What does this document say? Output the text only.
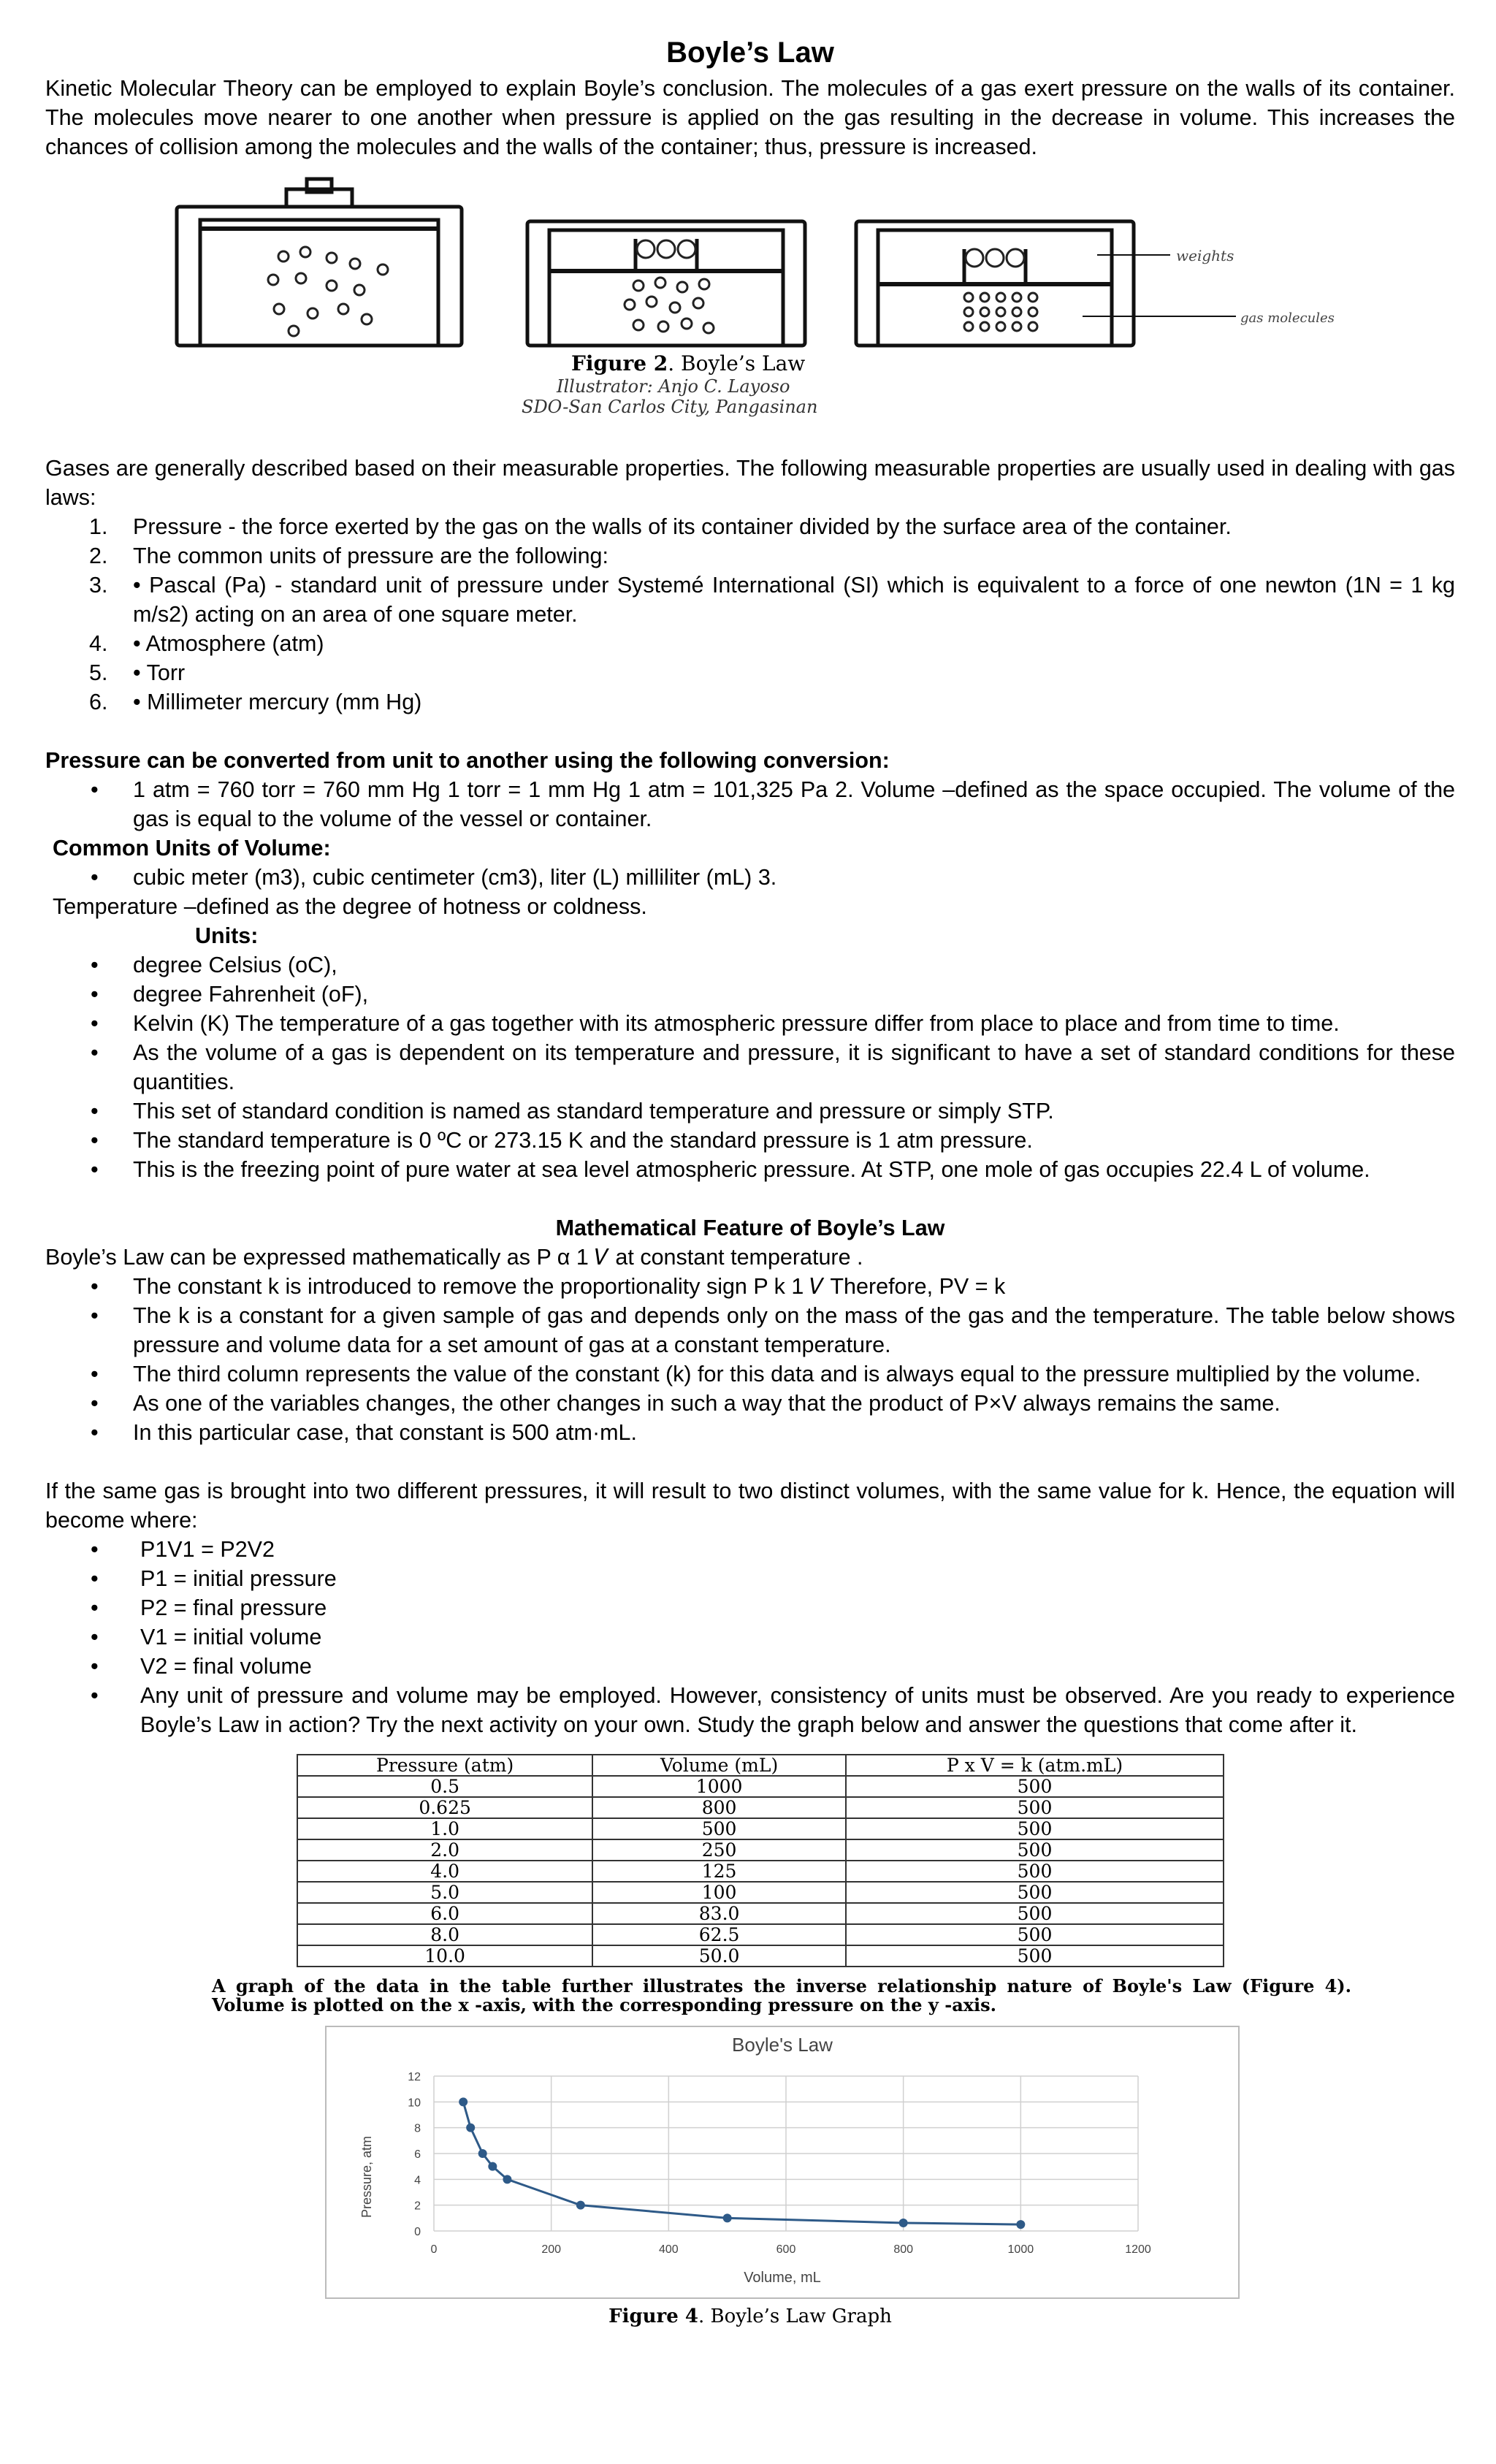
Boyle’s Law

Kinetic Molecular Theory can be employed to explain Boyle’s conclusion. The molecules of a gas exert pressure on the walls of its container. The molecules move nearer to one another when pressure is applied on the gas resulting in the decrease in volume. This increases the chances of collision among the molecules and the walls of the container; thus, pressure is increased.

weights
gas molecules
Figure 2. Boyle’s Law
Illustrator: Anjo C. Layoso
SDO-San Carlos City, Pangasinan

Gases are generally described based on their measurable properties. The following measurable properties are usually used in dealing with gas laws:

1. Pressure - the force exerted by the gas on the walls of its container divided by the surface area of the container.
2. The common units of pressure are the following:
3. • Pascal (Pa) - standard unit of pressure under Systemé International (SI) which is equivalent to a force of one newton (1N = 1 kg m/s2) acting on an area of one square meter.
4. • Atmosphere (atm)
5. • Torr
6. • Millimeter mercury (mm Hg)

Pressure can be converted from unit to another using the following conversion:

• 1 atm = 760 torr = 760 mm Hg 1 torr = 1 mm Hg 1 atm = 101,325 Pa 2. Volume –defined as the space occupied. The volume of the gas is equal to the volume of the vessel or container.

Common Units of Volume:

• cubic meter (m3), cubic centimeter (cm3), liter (L) milliliter (mL) 3.

Temperature –defined as the degree of hotness or coldness.

Units:

• degree Celsius (oC),
• degree Fahrenheit (oF),
• Kelvin (K) The temperature of a gas together with its atmospheric pressure differ from place to place and from time to time.
• As the volume of a gas is dependent on its temperature and pressure, it is significant to have a set of standard conditions for these quantities.
• This set of standard condition is named as standard temperature and pressure or simply STP.
• The standard temperature is 0 ºC or 273.15 K and the standard pressure is 1 atm pressure.
• This is the freezing point of pure water at sea level atmospheric pressure. At STP, one mole of gas occupies 22.4 L of volume.

Mathematical Feature of Boyle’s Law

Boyle’s Law can be expressed mathematically as P α 1 𝑉 at constant temperature .

• The constant k is introduced to remove the proportionality sign P k 1 𝑉 Therefore, PV = k
• The k is a constant for a given sample of gas and depends only on the mass of the gas and the temperature. The table below shows pressure and volume data for a set amount of gas at a constant temperature.
• The third column represents the value of the constant (k) for this data and is always equal to the pressure multiplied by the volume.
• As one of the variables changes, the other changes in such a way that the product of P×V always remains the same.
• In this particular case, that constant is 500 atm·mL.

If the same gas is brought into two different pressures, it will result to two distinct volumes, with the same value for k. Hence, the equation will become where:

• P1V1 = P2V2
• P1 = initial pressure
• P2 = final pressure
• V1 = initial volume
• V2 = final volume
• Any unit of pressure and volume may be employed. However, consistency of units must be observed. Are you ready to experience Boyle’s Law in action? Try the next activity on your own. Study the graph below and answer the questions that come after it.
Pressure (atm)	Volume (mL)	P x V = k (atm.mL)
0.5	1000	500
0.625	800	500
1.0	500	500
2.0	250	500
4.0	125	500
5.0	100	500
6.0	83.0	500
8.0	62.5	500
10.0	50.0	500
A graph of the data in the table further illustrates the inverse relationship nature of Boyle's Law (Figure 4). Volume is plotted on the x -axis, with the corresponding pressure on the y -axis.
Boyle's Law
Volume, mL
Pressure, atm
0
2
4
6
8
10
12
0	200	400	600	800	1000	1200
Figure 4. Boyle’s Law Graph
